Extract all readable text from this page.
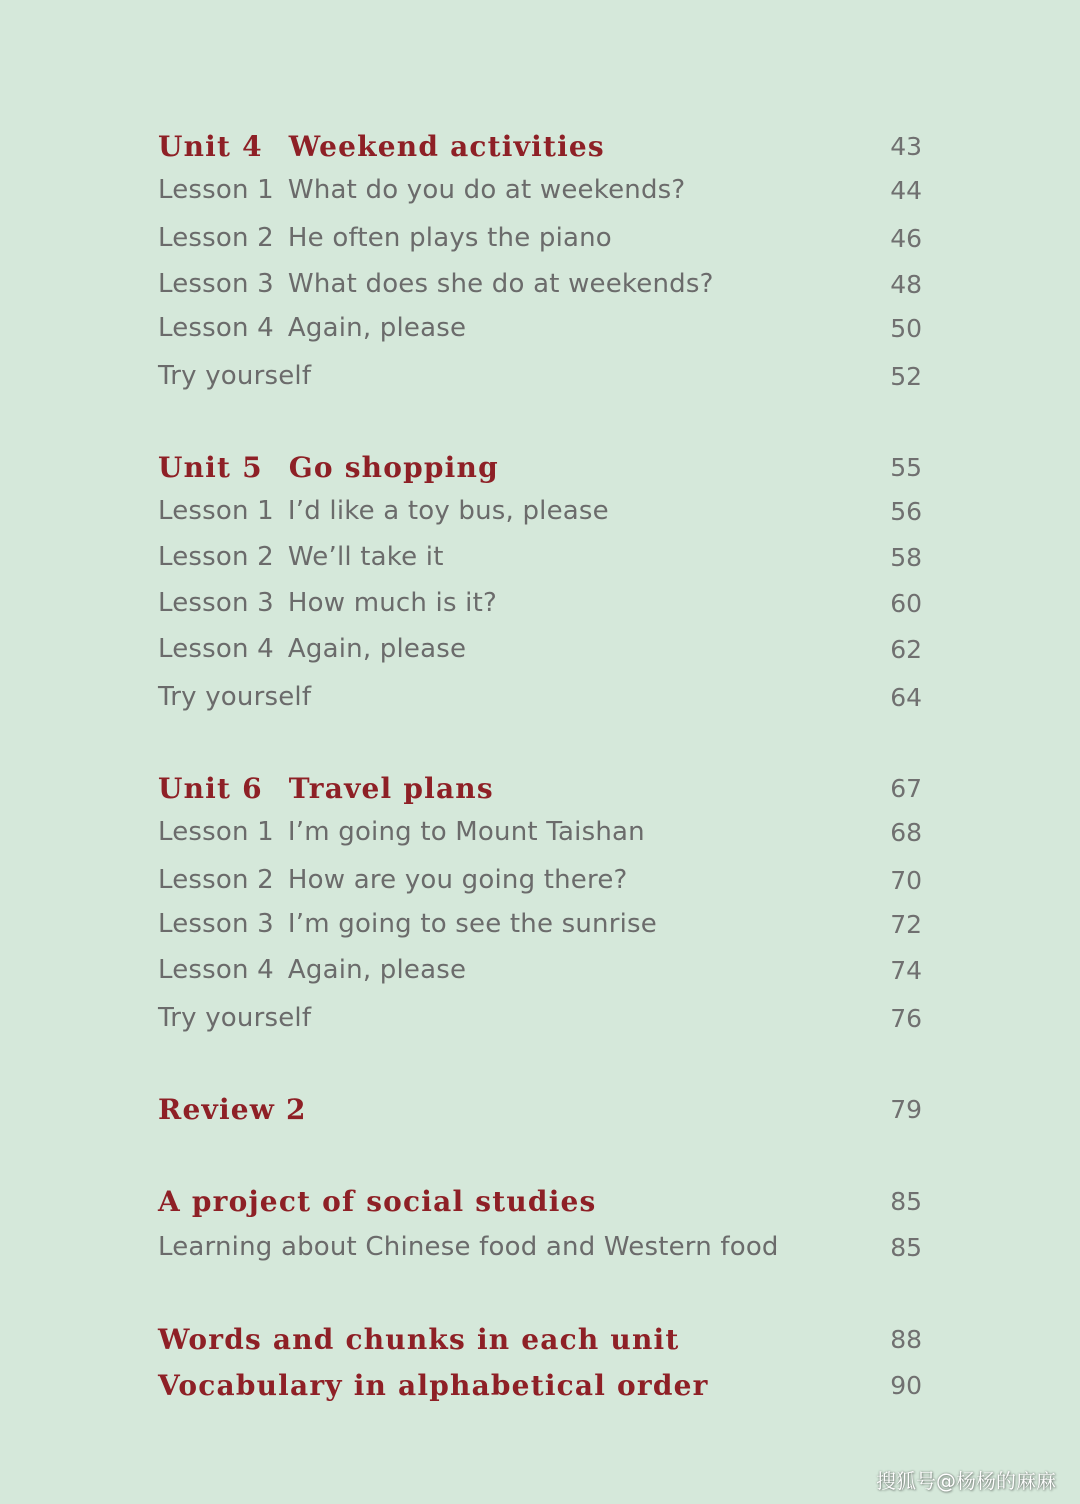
Unit 4 Weekend activities	43
Lesson 1 What do you do at weekends?	44
Lesson 2 He often plays the piano	46
Lesson 3 What does she do at weekends?	48
Lesson 4 Again, please	50
Try yourself	52
Unit 5 Go shopping	55
Lesson 1 I’d like a toy bus, please	56
Lesson 2 We’ll take it	58
Lesson 3 How much is it?	60
Lesson 4 Again, please	62
Try yourself	64
Unit 6 Travel plans	67
Lesson 1 I’m going to Mount Taishan	68
Lesson 2 How are you going there?	70
Lesson 3 I’m going to see the sunrise	72
Lesson 4 Again, please	74
Try yourself	76
Review 2	79
A project of social studies	85
Learning about Chinese food and Western food	85
Words and chunks in each unit	88
Vocabulary in alphabetical order	90
搜狐号@杨杨的麻麻
